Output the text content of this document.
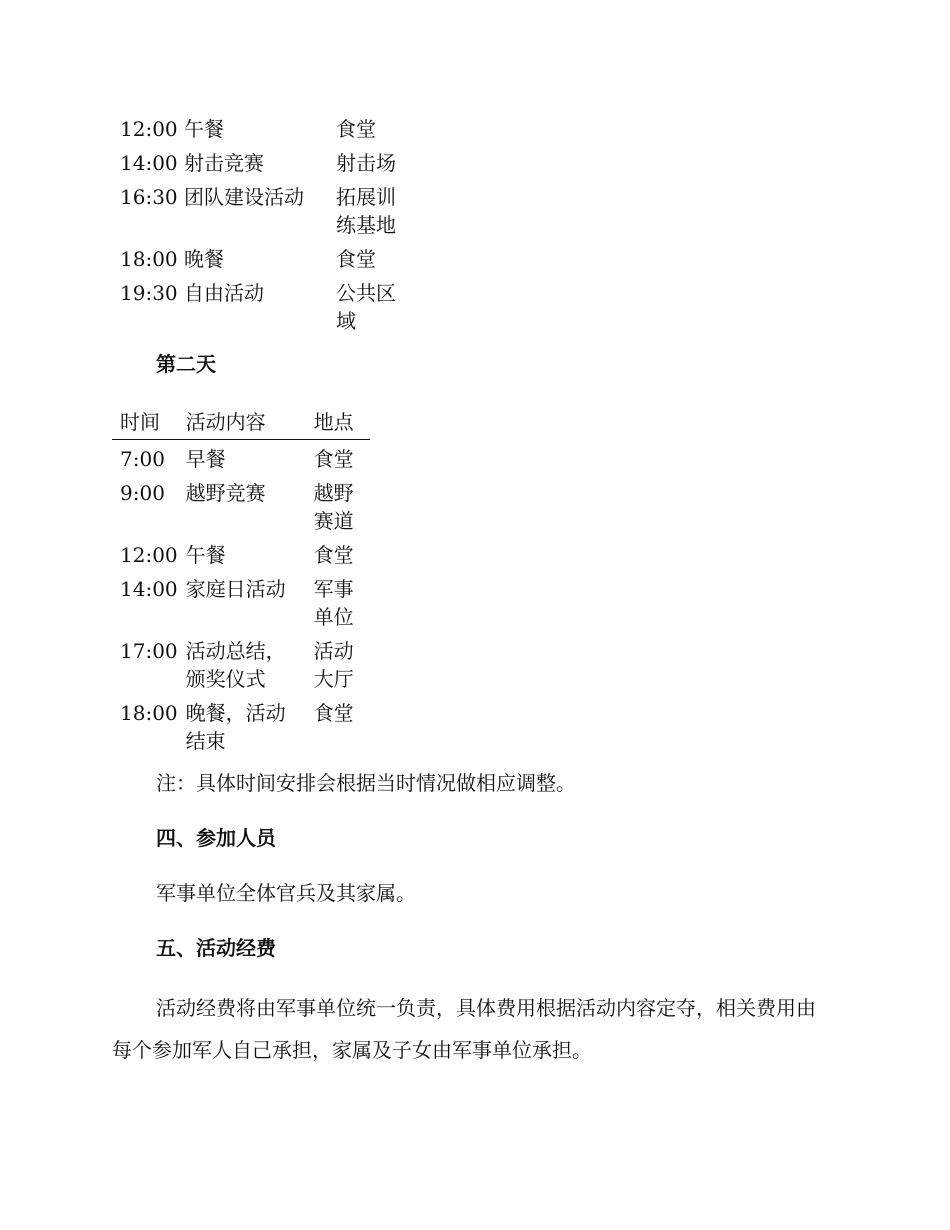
12:00	午餐	食堂
14:00	射击竞赛	射击场
16:30	团队建设活动	拓展训练基地
18:00	晚餐	食堂
19:30	自由活动	公共区域

第二天

时间	活动内容	地点
7:00	早餐	食堂
9:00	越野竞赛	越野赛道
12:00	午餐	食堂
14:00	家庭日活动	军事单位
17:00	活动总结，颁奖仪式	活动大厅
18:00	晚餐，活动结束	食堂

注：具体时间安排会根据当时情况做相应调整。

四、参加人员

军事单位全体官兵及其家属。

五、活动经费

活动经费将由军事单位统一负责，具体费用根据活动内容定夺，相关费用由每个参加军人自己承担，家属及子女由军事单位承担。
